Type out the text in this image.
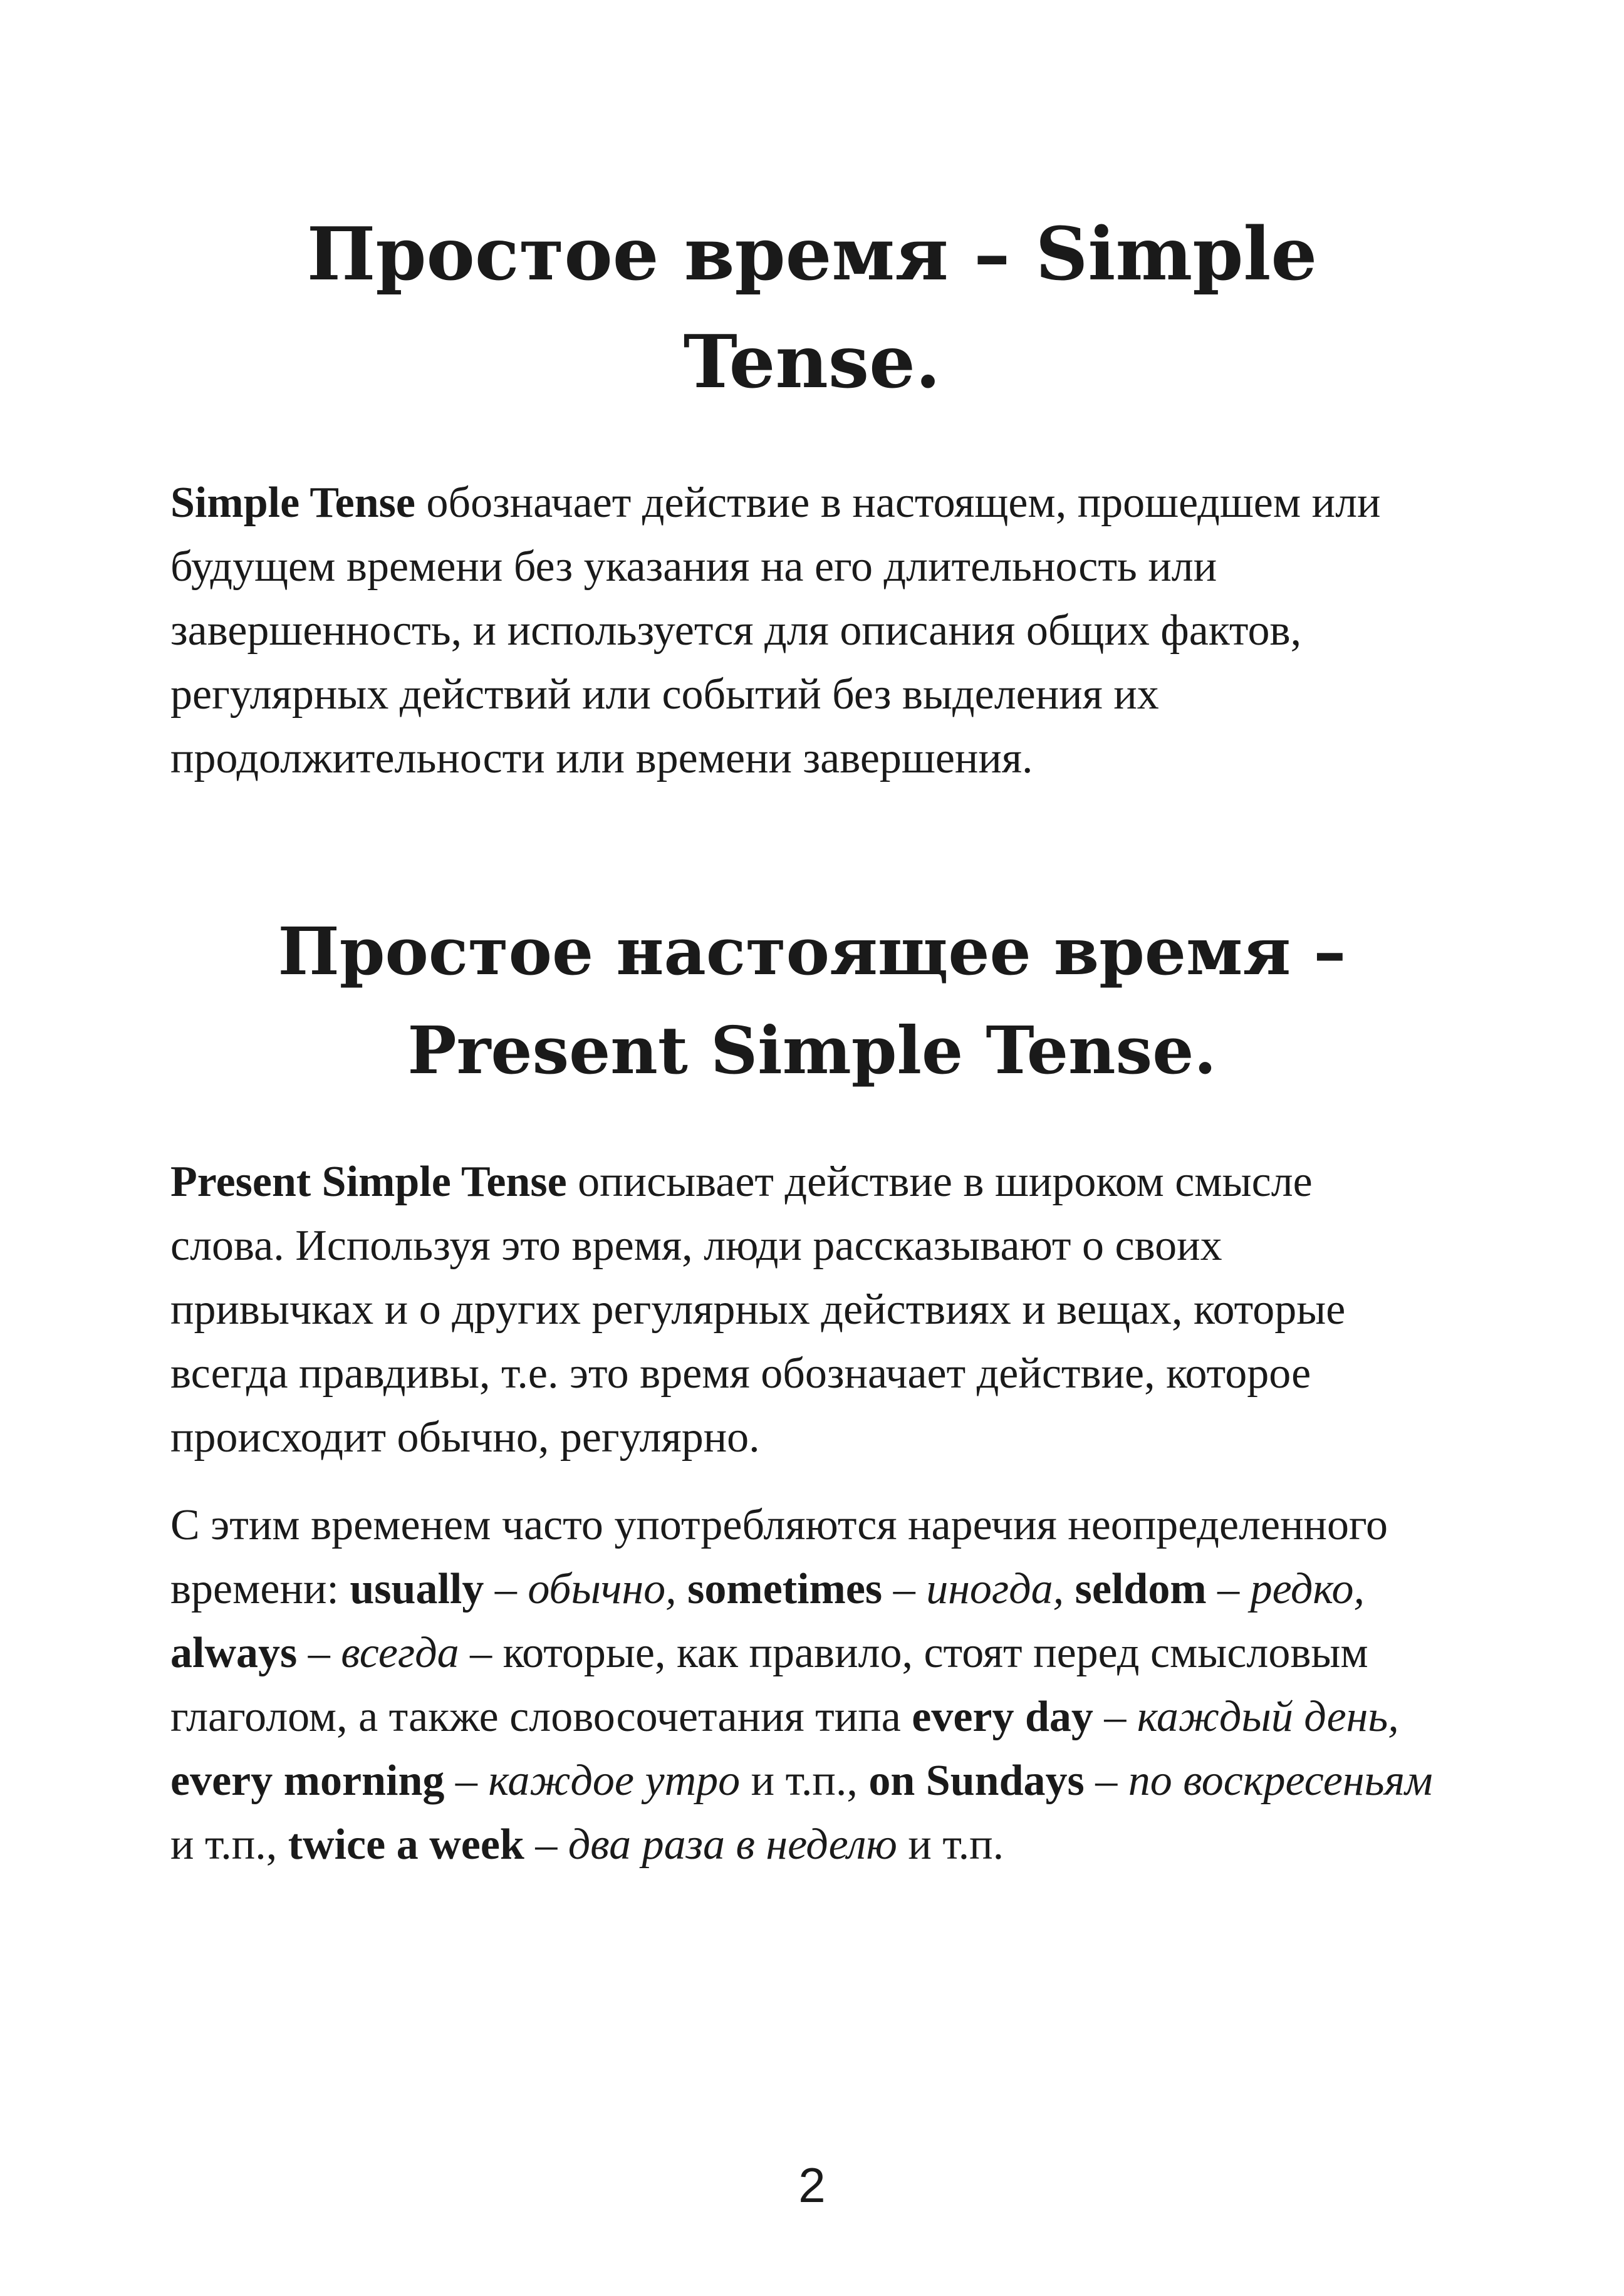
Простое время – Simple
Tense.

Simple Tense обозначает действие в настоящем, прошедшем или будущем времени без указания на его длительность или завершенность, и используется для описания общих фактов, регулярных действий или событий без выделения их продолжительности или времени завершения.

Простое настоящее время –
Present Simple Tense.

Present Simple Tense описывает действие в широком смысле слова. Используя это время, люди рассказывают о своих привычках и о других регулярных действиях и вещах, которые всегда правдивы, т.е. это время обозначает действие, которое происходит обычно, регулярно.

С этим временем часто употребляются наречия неопределенного времени: usually – обычно, sometimes – иногда, seldom – редко, always – всегда – которые, как правило, стоят перед смысловым глаголом, а также словосочетания типа every day – каждый день, every morning – каждое утро и т.п., on Sundays – по воскресеньям и т.п., twice a week – два раза в неделю и т.п.

2
